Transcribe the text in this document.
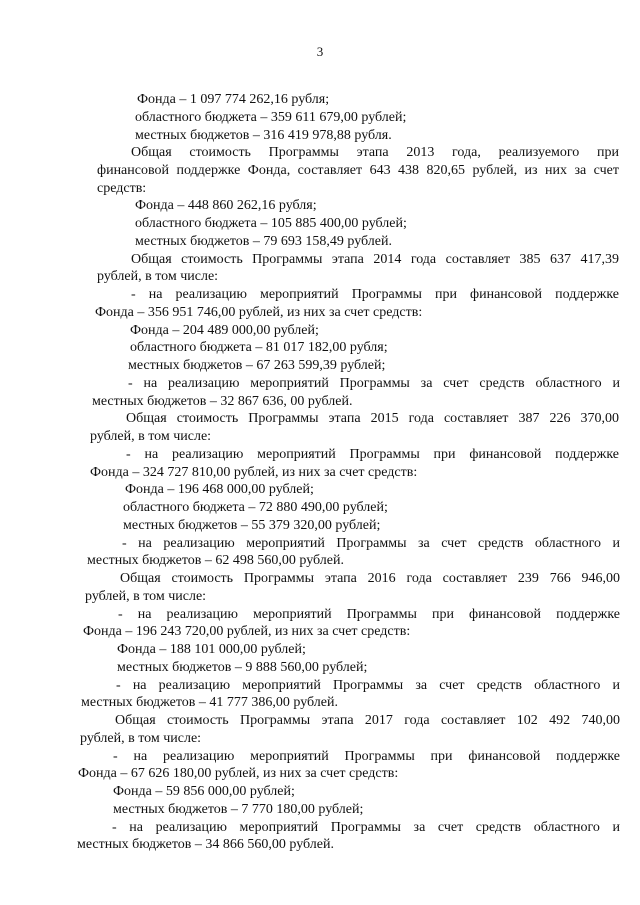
3

Фонда – 1 097 774 262,16 рубля;

областного бюджета – 359 611 679,00 рублей;

местных бюджетов – 316 419 978,88 рубля.

Общая стоимость Программы этапа 2013 года, реализуемого при

финансовой поддержке Фонда, составляет 643 438 820,65 рублей, из них за счет

средств:

Фонда – 448 860 262,16 рубля;

областного бюджета – 105 885 400,00 рублей;

местных бюджетов – 79 693 158,49 рублей.

Общая стоимость Программы этапа 2014 года составляет 385 637 417,39

рублей, в том числе:

- на реализацию мероприятий Программы при финансовой поддержке

Фонда – 356 951 746,00 рублей, из них за счет средств:

Фонда – 204 489 000,00 рублей;

областного бюджета – 81 017 182,00 рубля;

местных бюджетов – 67 263 599,39 рублей;

- на реализацию мероприятий Программы за счет средств областного и

местных бюджетов – 32 867 636, 00 рублей.

Общая стоимость Программы этапа 2015 года составляет 387 226 370,00

рублей, в том числе:

- на реализацию мероприятий Программы при финансовой поддержке

Фонда – 324 727 810,00 рублей, из них за счет средств:

Фонда – 196 468 000,00 рублей;

областного бюджета – 72 880 490,00 рублей;

местных бюджетов – 55 379 320,00 рублей;

- на реализацию мероприятий Программы за счет средств областного и

местных бюджетов – 62 498 560,00 рублей.

Общая стоимость Программы этапа 2016 года составляет 239 766 946,00

рублей, в том числе:

- на реализацию мероприятий Программы при финансовой поддержке

Фонда – 196 243 720,00 рублей, из них за счет средств:

Фонда – 188 101 000,00 рублей;

местных бюджетов – 9 888 560,00 рублей;

- на реализацию мероприятий Программы за счет средств областного и

местных бюджетов – 41 777 386,00 рублей.

Общая стоимость Программы этапа 2017 года составляет 102 492 740,00

рублей, в том числе:

- на реализацию мероприятий Программы при финансовой поддержке

Фонда – 67 626 180,00 рублей, из них за счет средств:

Фонда – 59 856 000,00 рублей;

местных бюджетов – 7 770 180,00 рублей;

- на реализацию мероприятий Программы за счет средств областного и

местных бюджетов – 34 866 560,00 рублей.
